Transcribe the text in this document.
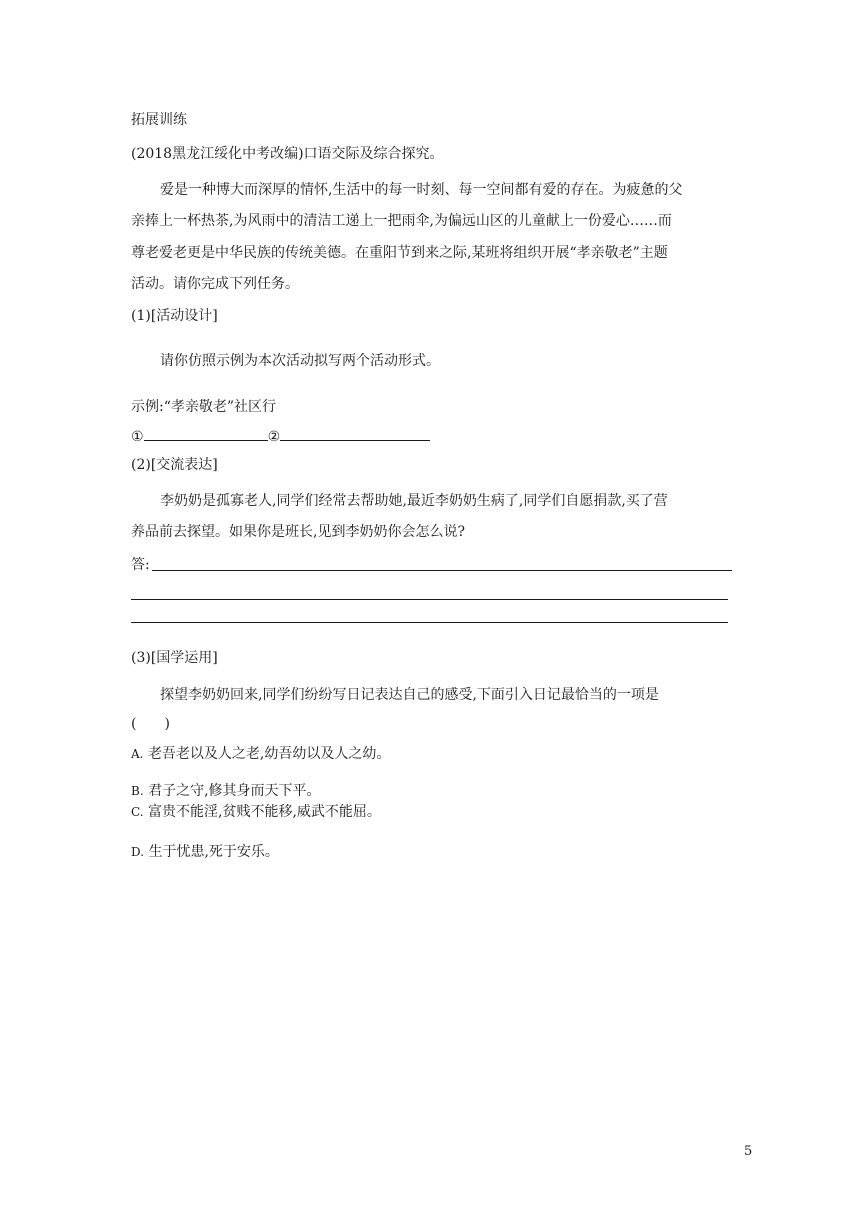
拓展训练
(2018黑龙江绥化中考改编)口语交际及综合探究。
爱是一种博大而深厚的情怀,生活中的每一时刻、每一空间都有爱的存在。为疲惫的父
亲捧上一杯热茶,为风雨中的清洁工递上一把雨伞,为偏远山区的儿童献上一份爱心……而
尊老爱老更是中华民族的传统美德。在重阳节到来之际,某班将组织开展“孝亲敬老”主题
活动。请你完成下列任务。
(1)[活动设计]
请你仿照示例为本次活动拟写两个活动形式。
示例:“孝亲敬老”社区行
①	②
(2)[交流表达]
李奶奶是孤寡老人,同学们经常去帮助她,最近李奶奶生病了,同学们自愿捐款,买了营
养品前去探望。如果你是班长,见到李奶奶你会怎么说?
答:
(3)[国学运用]
探望李奶奶回来,同学们纷纷写日记表达自己的感受,下面引入日记最恰当的一项是
(　　)
A. 老吾老以及人之老,幼吾幼以及人之幼。
B. 君子之守,修其身而天下平。
C. 富贵不能淫,贫贱不能移,威武不能屈。
D. 生于忧患,死于安乐。
5
